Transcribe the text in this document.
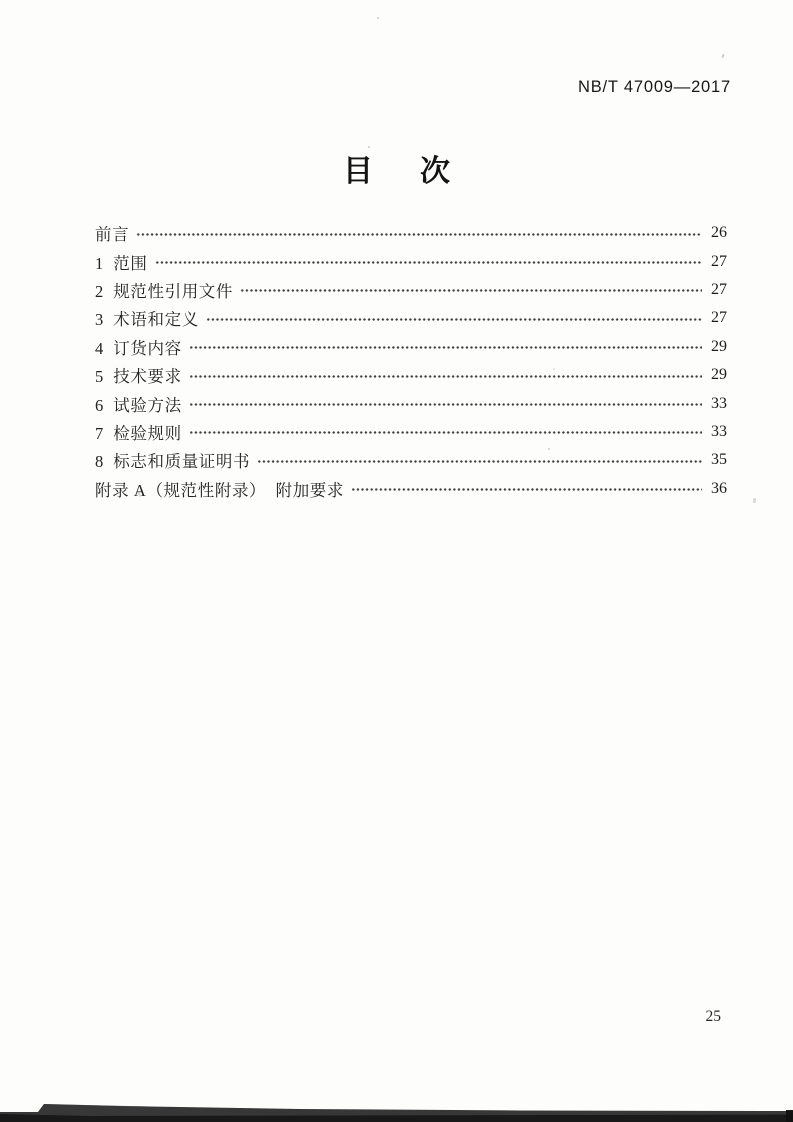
NB/T 47009—2017
目 次
前言	26
1  范围	27
2  规范性引用文件	27
3  术语和定义	27
4  订货内容	29
5  技术要求	29
6  试验方法	33
7  检验规则	33
8  标志和质量证明书	35
附录 A（规范性附录）  附加要求	36
25
